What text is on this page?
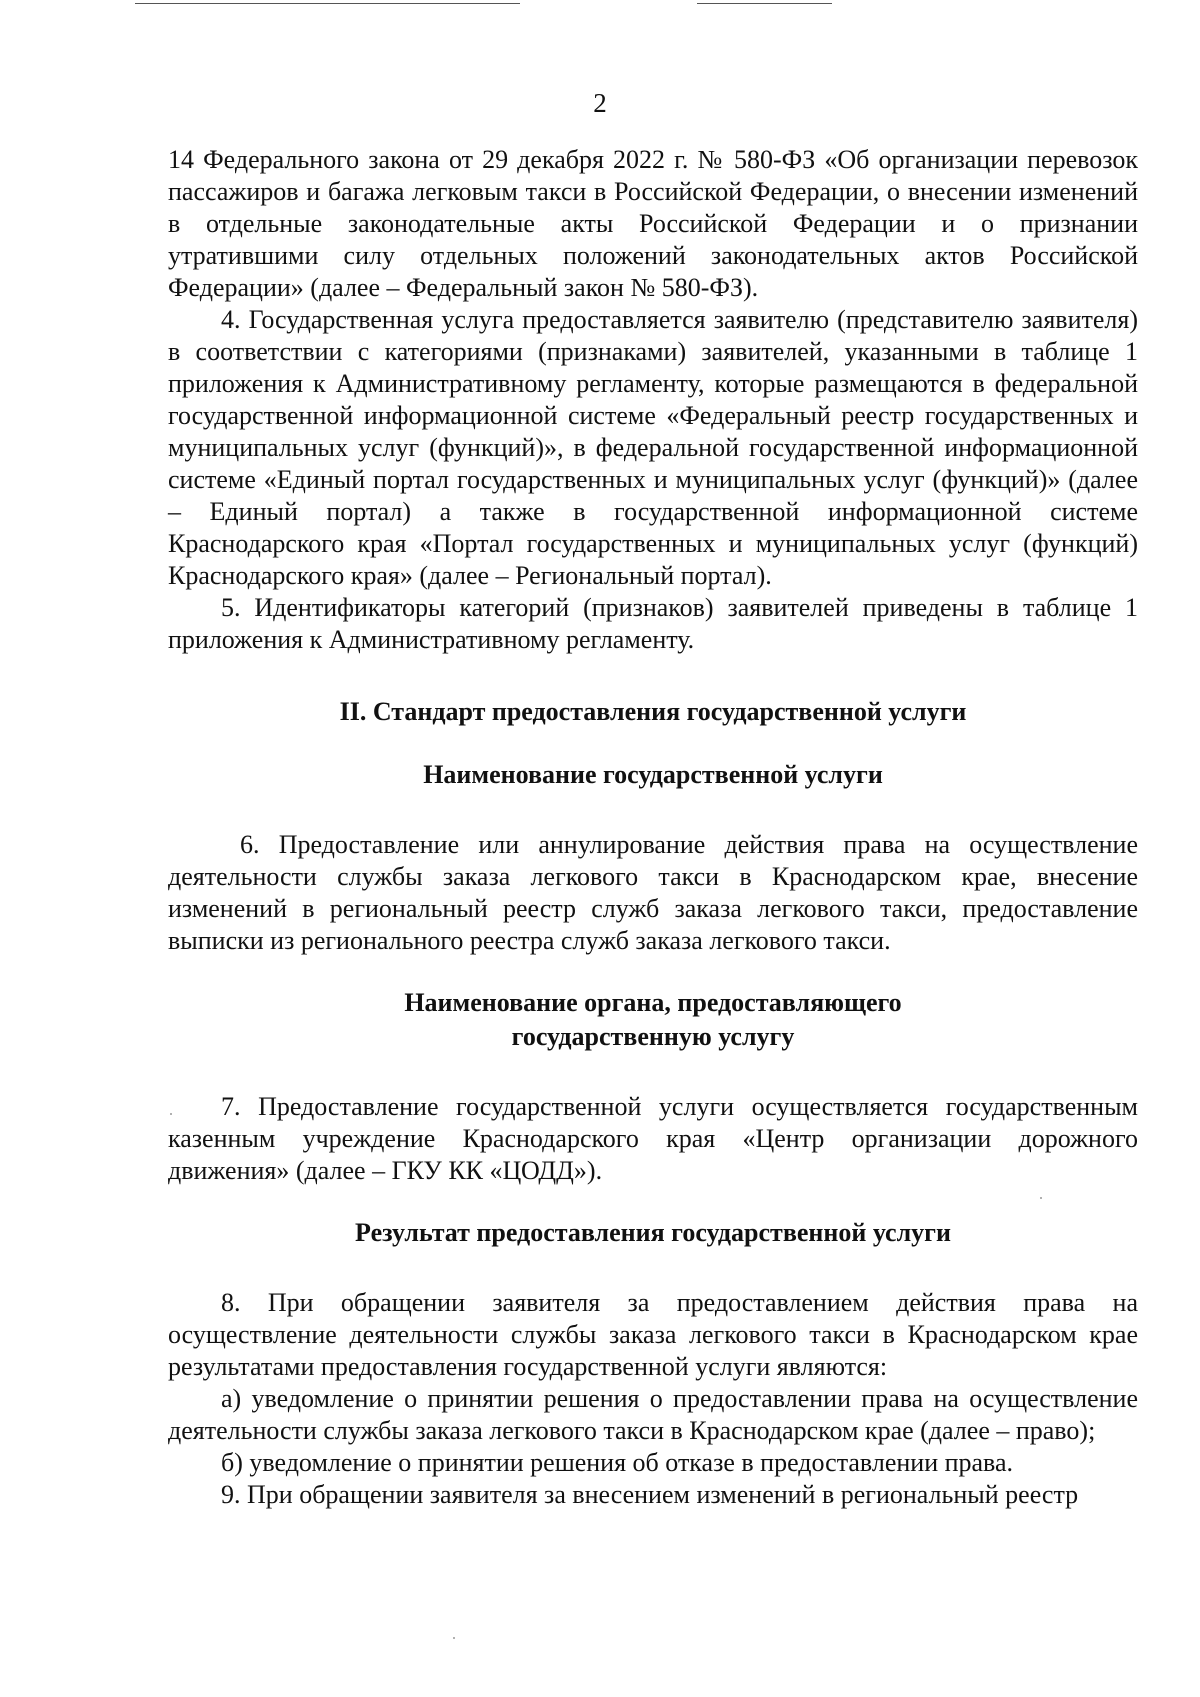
2

14 Федерального закона от 29 декабря 2022 г. № 580-ФЗ «Об организации перевозок пассажиров и багажа легковым такси в Российской Федерации, о внесении изменений в отдельные законодательные акты Российской Федерации и о признании утратившими силу отдельных положений законодательных актов Российской Федерации» (далее – Федеральный закон № 580-ФЗ).

4. Государственная услуга предоставляется заявителю (представителю заявителя) в соответствии с категориями (признаками) заявителей, указанными в таблице 1 приложения к Административному регламенту, которые размещаются в федеральной государственной информационной системе «Федеральный реестр государственных и муниципальных услуг (функций)», в федеральной государственной информационной системе «Единый портал государственных и муниципальных услуг (функций)» (далее – Единый портал) а также в государственной информационной системе Краснодарского края «Портал государственных и муниципальных услуг (функций) Краснодарского края» (далее – Региональный портал).

5. Идентификаторы категорий (признаков) заявителей приведены в таблице 1 приложения к Административному регламенту.

II. Стандарт предоставления государственной услуги
Наименование государственной услуги

6. Предоставление или аннулирование действия права на осуществление деятельности службы заказа легкового такси в Краснодарском крае, внесение изменений в региональный реестр служб заказа легкового такси, предоставление выписки из регионального реестра служб заказа легкового такси.

Наименование органа, предоставляющего
государственную услугу

7. Предоставление государственной услуги осуществляется государственным казенным учреждение Краснодарского края «Центр организации дорожного движения» (далее – ГКУ КК «ЦОДД»).

Результат предоставления государственной услуги

8. При обращении заявителя за предоставлением действия права на осуществление деятельности службы заказа легкового такси в Краснодарском крае результатами предоставления государственной услуги являются:

а) уведомление о принятии решения о предоставлении права на осуществление деятельности службы заказа легкового такси в Краснодарском крае (далее – право);

б) уведомление о принятии решения об отказе в предоставлении права.

9. При обращении заявителя за внесением изменений в региональный реестр
